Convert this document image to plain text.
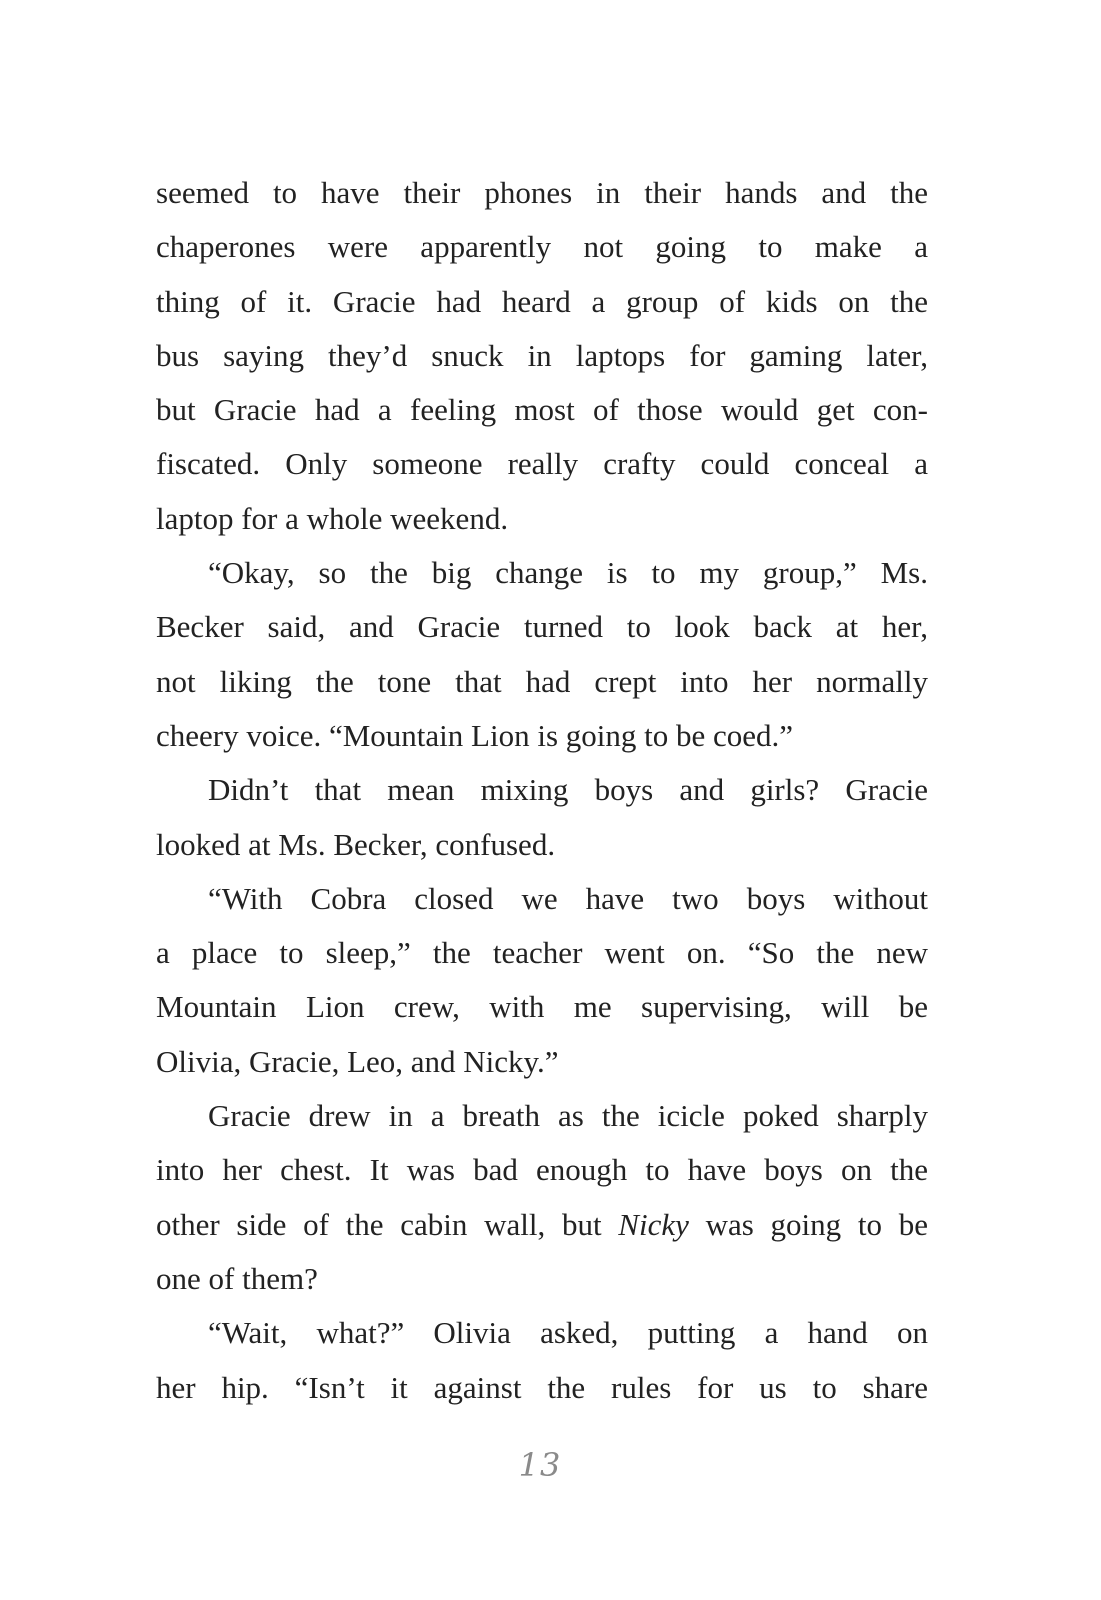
seemed to have their phones in their hands and the
chaperones were apparently not going to make a
thing of it. Gracie had heard a group of kids on the
bus saying they’d snuck in laptops for gaming later,
but Gracie had a feeling most of those would get con-
fiscated. Only someone really crafty could conceal a
laptop for a whole weekend.
“Okay, so the big change is to my group,” Ms.
Becker said, and Gracie turned to look back at her,
not liking the tone that had crept into her normally
cheery voice. “Mountain Lion is going to be coed.”
Didn’t that mean mixing boys and girls? Gracie
looked at Ms. Becker, confused.
“With Cobra closed we have two boys without
a place to sleep,” the teacher went on. “So the new
Mountain Lion crew, with me supervising, will be
Olivia, Gracie, Leo, and Nicky.”
Gracie drew in a breath as the icicle poked sharply
into her chest. It was bad enough to have boys on the
other side of the cabin wall, but Nicky was going to be
one of them?
“Wait, what?” Olivia asked, putting a hand on
her hip. “Isn’t it against the rules for us to share
13
